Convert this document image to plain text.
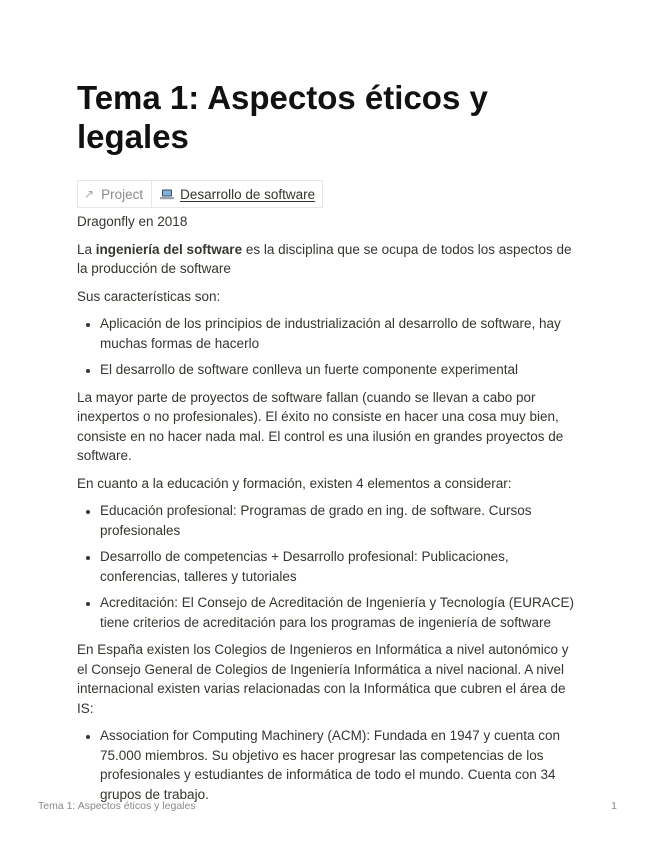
Tema 1: Aspectos éticos y legales
↗ Project	Desarrollo de software

Dragonfly en 2018

La ingeniería del software es la disciplina que se ocupa de todos los aspectos de la producción de software

Sus características son:

• Aplicación de los principios de industrialización al desarrollo de software, hay muchas formas de hacerlo
• El desarrollo de software conlleva un fuerte componente experimental

La mayor parte de proyectos de software fallan (cuando se llevan a cabo por inexpertos o no profesionales). El éxito no consiste en hacer una cosa muy bien, consiste en no hacer nada mal. El control es una ilusión en grandes proyectos de software.

En cuanto a la educación y formación, existen 4 elementos a considerar:

• Educación profesional: Programas de grado en ing. de software. Cursos profesionales
• Desarrollo de competencias + Desarrollo profesional: Publicaciones, conferencias, talleres y tutoriales
• Acreditación: El Consejo de Acreditación de Ingeniería y Tecnología (EURACE) tiene criterios de acreditación para los programas de ingeniería de software

En España existen los Colegios de Ingenieros en Informática a nivel autonómico y el Consejo General de Colegios de Ingeniería Informática a nivel nacional. A nivel internacional existen varias relacionadas con la Informática que cubren el área de IS:

• Association for Computing Machinery (ACM): Fundada en 1947 y cuenta con 75.000 miembros. Su objetivo es hacer progresar las competencias de los profesionales y estudiantes de informática de todo el mundo. Cuenta con 34 grupos de trabajo.
Tema 1: Aspectos éticos y legales	1
